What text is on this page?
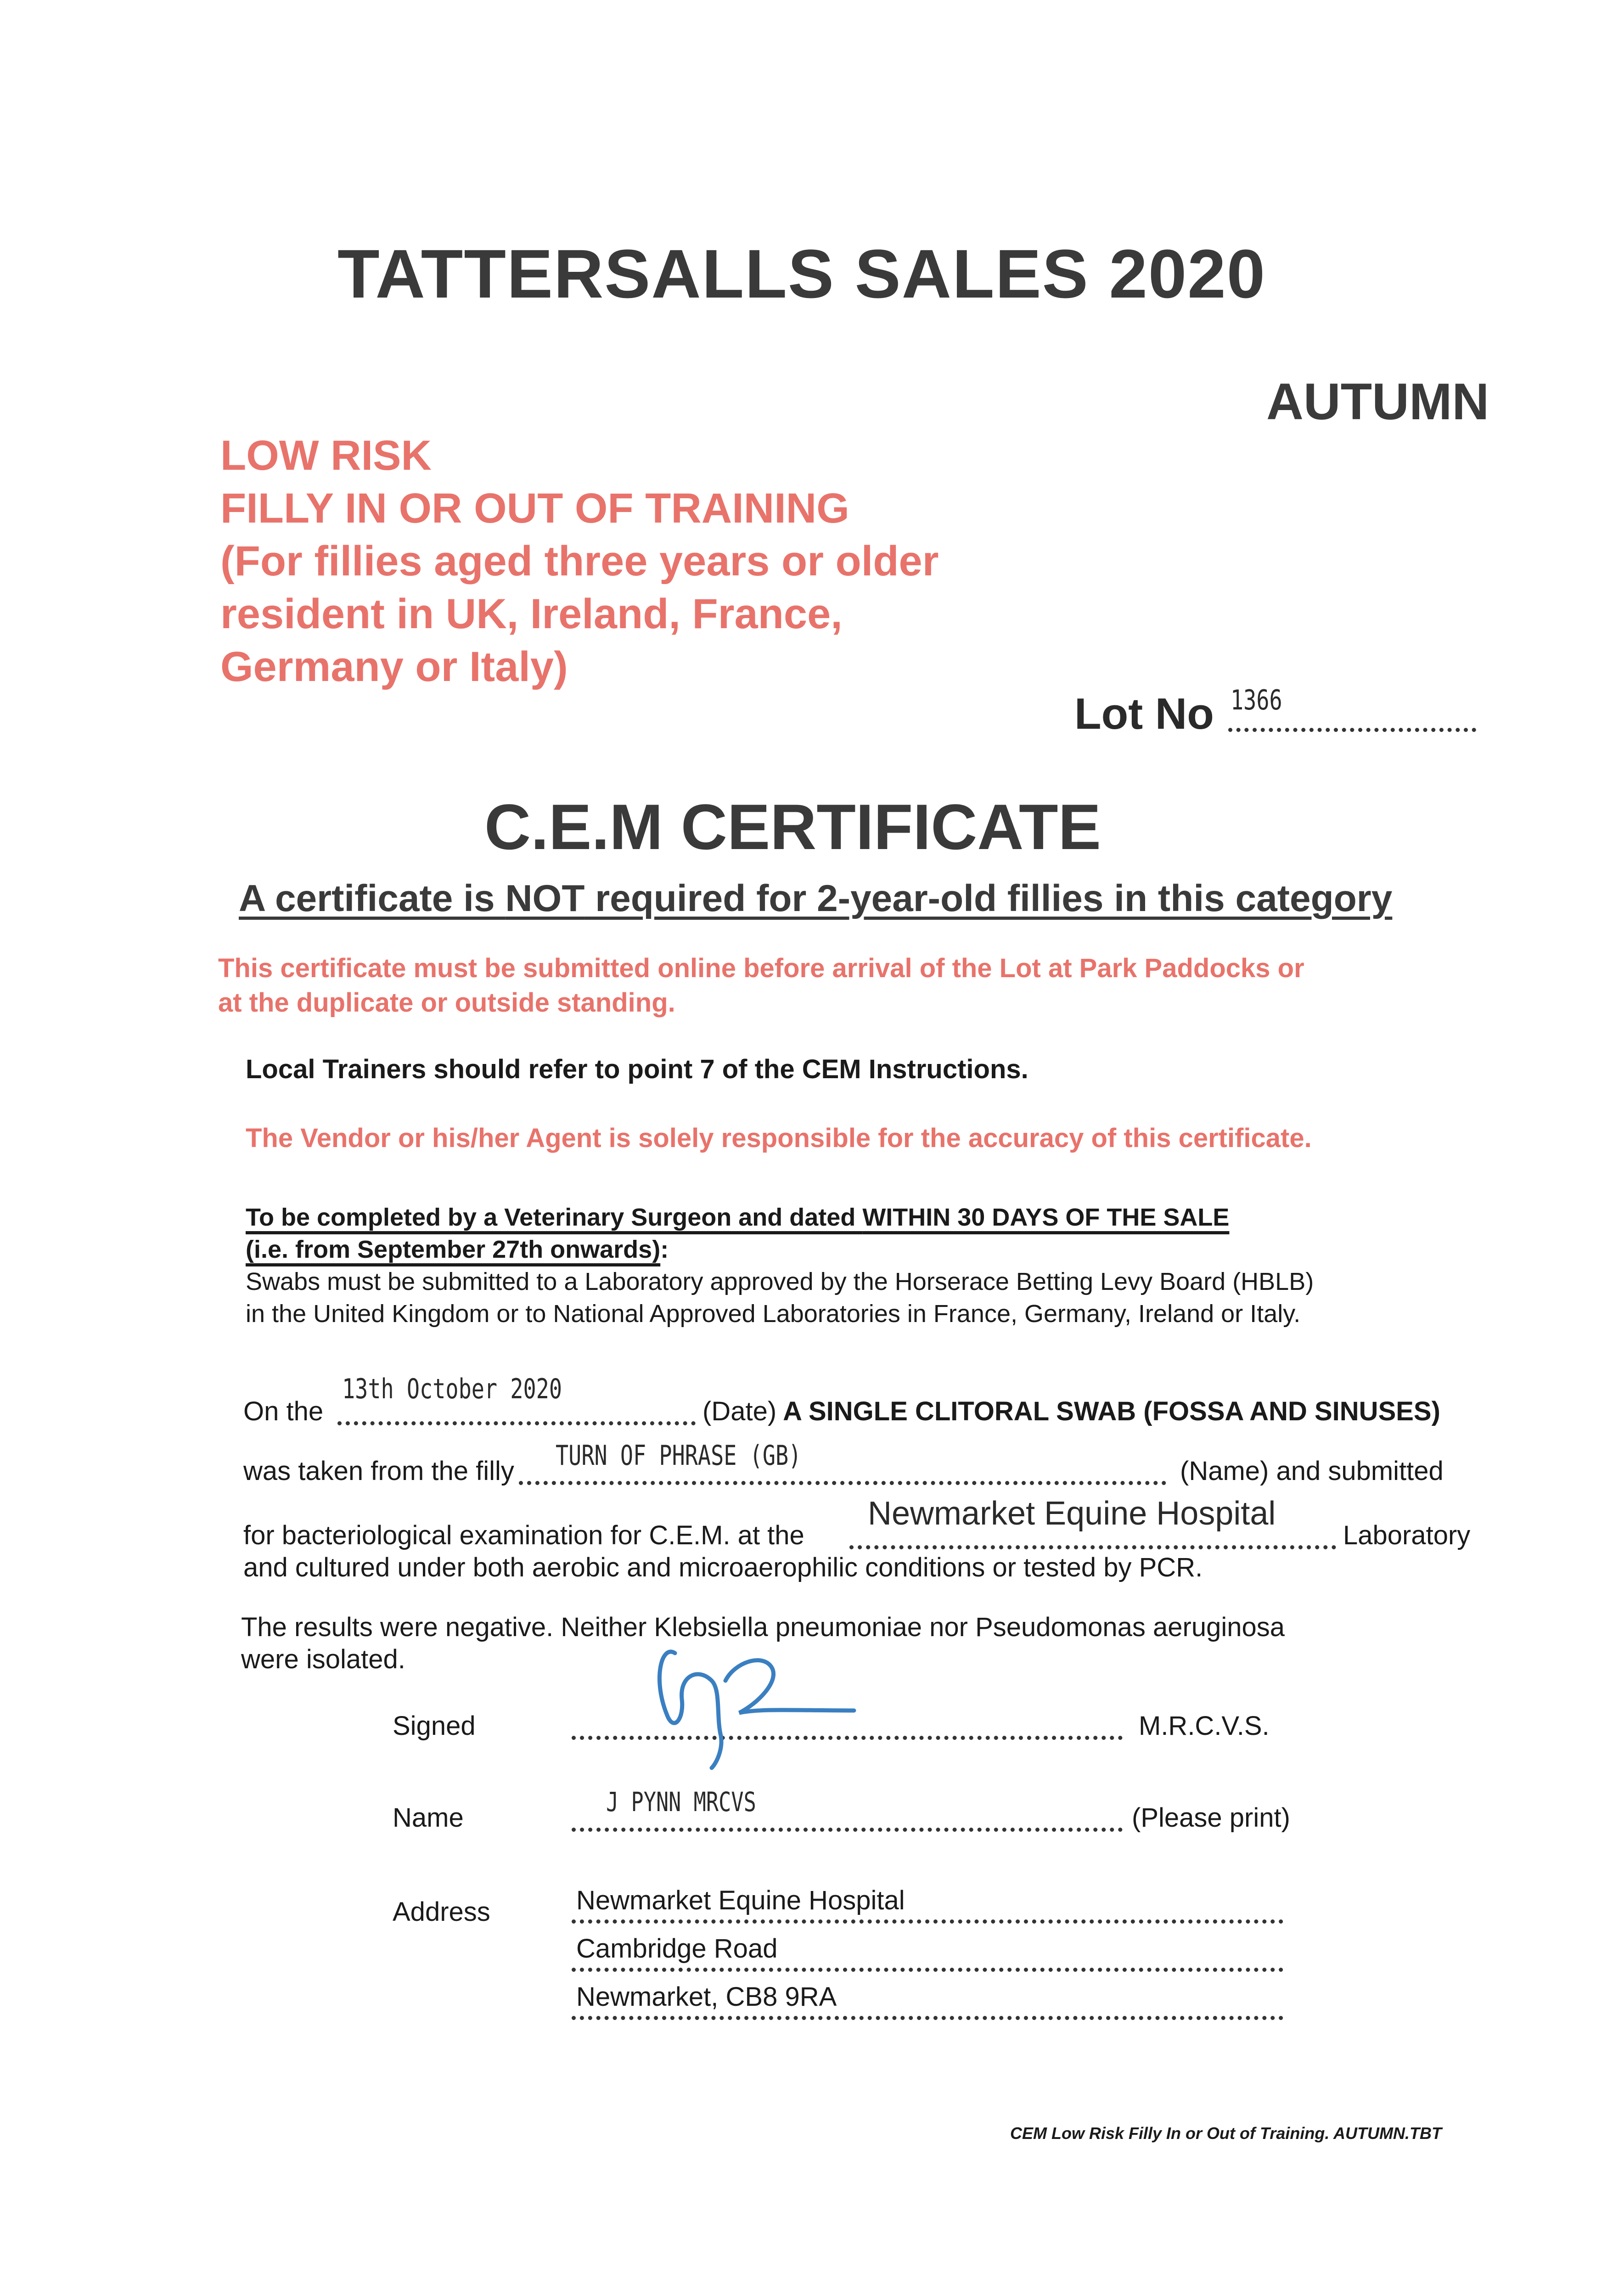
TATTERSALLS SALES 2020
AUTUMN
LOW RISK
FILLY IN OR OUT OF TRAINING
(For fillies aged three years or older
resident in UK, Ireland, France,
Germany or Italy)
Lot No 1366
C.E.M CERTIFICATE
A certificate is NOT required for 2-year-old fillies in this category
This certificate must be submitted online before arrival of the Lot at Park Paddocks or
at the duplicate or outside standing.
Local Trainers should refer to point 7 of the CEM Instructions.
The Vendor or his/her Agent is solely responsible for the accuracy of this certificate.
To be completed by a Veterinary Surgeon and dated WITHIN 30 DAYS OF THE SALE
(i.e. from September 27th onwards):
Swabs must be submitted to a Laboratory approved by the Horserace Betting Levy Board (HBLB)
in the United Kingdom or to National Approved Laboratories in France, Germany, Ireland or Italy.
On the
13th October 2020
(Date) A SINGLE CLITORAL SWAB (FOSSA AND SINUSES)
was taken from the filly TURN OF PHRASE (GB)	(Name) and submitted
for bacteriological examination for C.E.M. at the
Newmarket Equine Hospital
Laboratory
and cultured under both aerobic and microaerophilic conditions or tested by PCR.
The results were negative. Neither Klebsiella pneumoniae nor Pseudomonas aeruginosa
were isolated.
Signed	M.R.C.V.S.
Name
J PYNN MRCVS
(Please print)
Address	Newmarket Equine Hospital
Cambridge Road
Newmarket, CB8 9RA
CEM Low Risk Filly In or Out of Training. AUTUMN.TBT
